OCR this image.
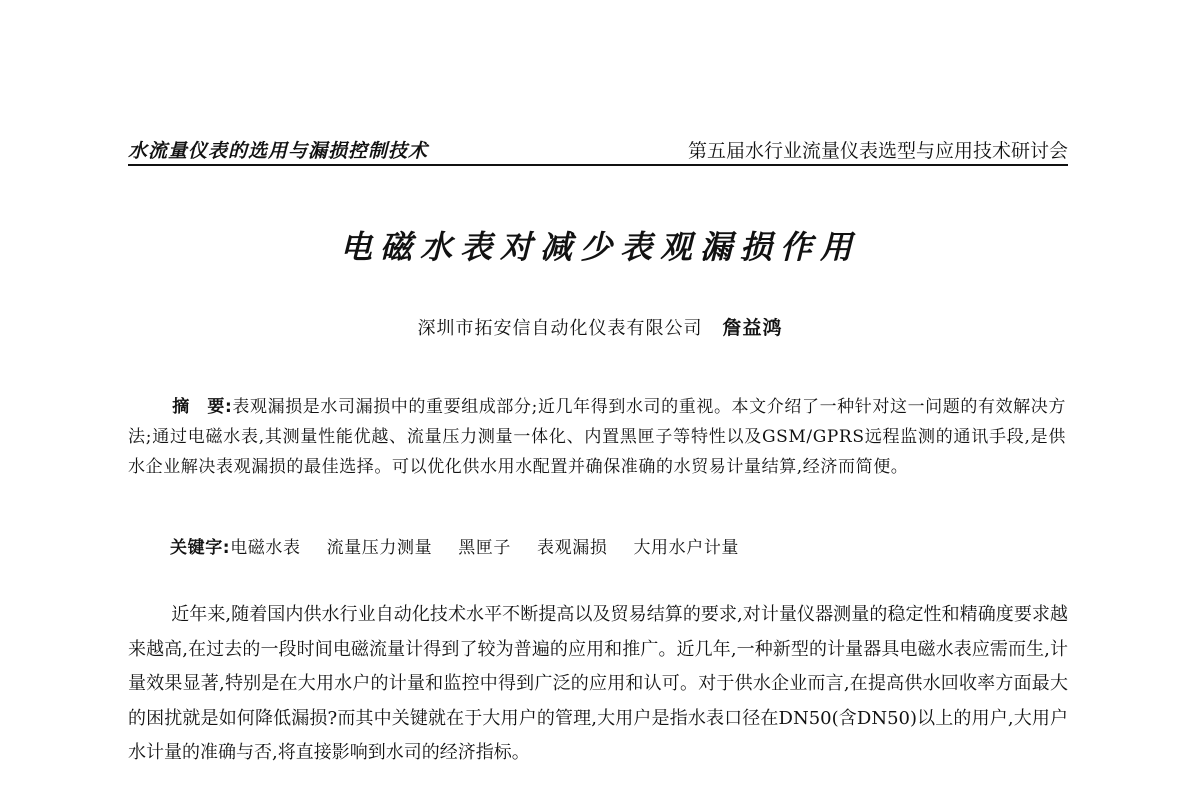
水流量仪表的选用与漏损控制技术	第五届水行业流量仪表选型与应用技术研讨会
电磁水表对减少表观漏损作用
深圳市拓安信自动化仪表有限公司 詹益鸿

摘　要:表观漏损是水司漏损中的重要组成部分;近几年得到水司的重视。本文介绍了一种针对这一问题的有效解决方法;通过电磁水表,其测量性能优越、流量压力测量一体化、内置黑匣子等特性以及GSM/GPRS远程监测的通讯手段,是供水企业解决表观漏损的最佳选择。可以优化供水用水配置并确保准确的水贸易计量结算,经济而简便。

关键字:电磁水表 流量压力测量 黑匣子 表观漏损 大用水户计量

近年来,随着国内供水行业自动化技术水平不断提高以及贸易结算的要求,对计量仪器测量的稳定性和精确度要求越来越高,在过去的一段时间电磁流量计得到了较为普遍的应用和推广。近几年,一种新型的计量器具电磁水表应需而生,计量效果显著,特别是在大用水户的计量和监控中得到广泛的应用和认可。对于供水企业而言,在提高供水回收率方面最大的困扰就是如何降低漏损?而其中关键就在于大用户的管理,大用户是指水表口径在DN50(含DN50)以上的用户,大用户水计量的准确与否,将直接影响到水司的经济指标。
